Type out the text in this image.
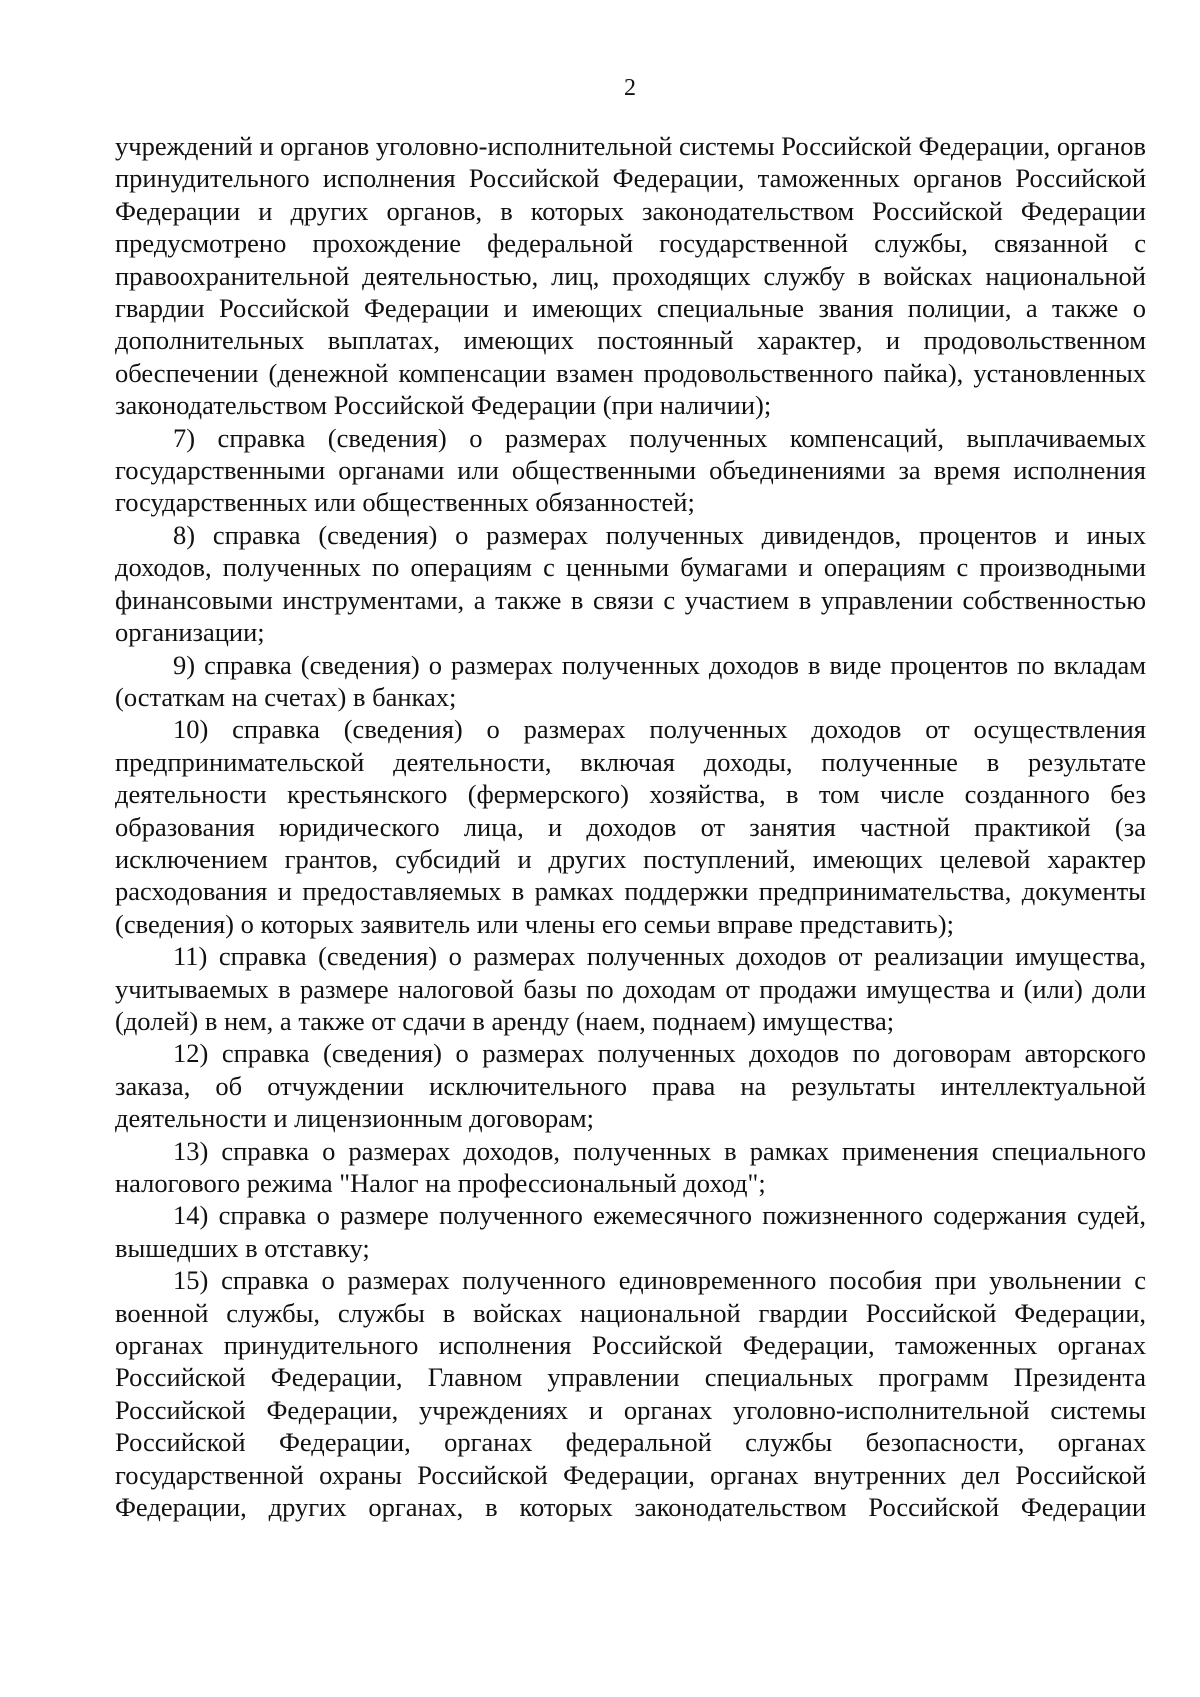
2

учреждений и органов уголовно-исполнительной системы Российской Федерации, органов принудительного исполнения Российской Федерации, таможенных органов Российской Федерации и других органов, в которых законодательством Российской Федерации предусмотрено прохождение федеральной государственной службы, связанной с правоохранительной деятельностью, лиц, проходящих службу в войсках национальной гвардии Российской Федерации и имеющих специальные звания полиции, а также о дополнительных выплатах, имеющих постоянный характер, и продовольственном обеспечении (денежной компенсации взамен продовольственного пайка), установленных законодательством Российской Федерации (при наличии);

7) справка (сведения) о размерах полученных компенсаций, выплачиваемых государственными органами или общественными объединениями за время исполнения государственных или общественных обязанностей;

8) справка (сведения) о размерах полученных дивидендов, процентов и иных доходов, полученных по операциям с ценными бумагами и операциям с производными финансовыми инструментами, а также в связи с участием в управлении собственностью организации;

9) справка (сведения) о размерах полученных доходов в виде процентов по вкладам (остаткам на счетах) в банках;

10) справка (сведения) о размерах полученных доходов от осуществления предпринимательской деятельности, включая доходы, полученные в результате деятельности крестьянского (фермерского) хозяйства, в том числе созданного без образования юридического лица, и доходов от занятия частной практикой (за исключением грантов, субсидий и других поступлений, имеющих целевой характер расходования и предоставляемых в рамках поддержки предпринимательства, документы (сведения) о которых заявитель или члены его семьи вправе представить);

11) справка (сведения) о размерах полученных доходов от реализации имущества, учитываемых в размере налоговой базы по доходам от продажи имущества и (или) доли (долей) в нем, а также от сдачи в аренду (наем, поднаем) имущества;

12) справка (сведения) о размерах полученных доходов по договорам авторского заказа, об отчуждении исключительного права на результаты интеллектуальной деятельности и лицензионным договорам;

13) справка о размерах доходов, полученных в рамках применения специального налогового режима "Налог на профессиональный доход";

14) справка о размере полученного ежемесячного пожизненного содержания судей, вышедших в отставку;

15) справка о размерах полученного единовременного пособия при увольнении с военной службы, службы в войсках национальной гвардии Российской Федерации, органах принудительного исполнения Российской Федерации, таможенных органах Российской Федерации, Главном управлении специальных программ Президента Российской Федерации, учреждениях и органах уголовно-исполнительной системы Российской Федерации, органах федеральной службы безопасности, органах государственной охраны Российской Федерации, органах внутренних дел Российской Федерации, других органах, в которых законодательством Российской Федерации
